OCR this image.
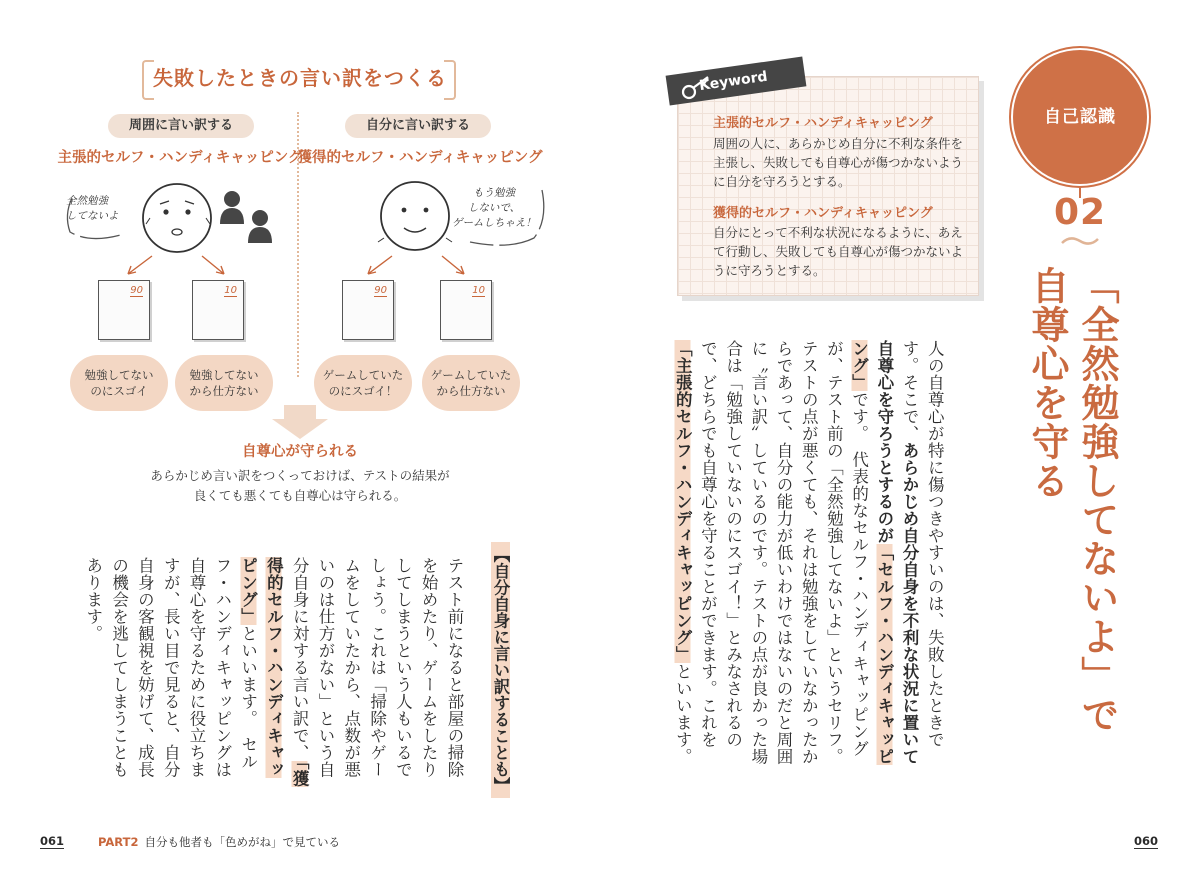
失敗したときの言い訳をつくる
周囲に言い訳する	自分に言い訳する
主張的セルフ・ハンディキャッピング
獲得的セルフ・ハンディキャッピング
全然勉強
してないよ
もう勉強
しないで、
ゲームしちゃえ！
90	10	90	10
勉強してない
のにスゴイ
勉強してない
から仕方ない
ゲームしていた
のにスゴイ！
ゲームしていた
から仕方ない
自尊心が守られる
あらかじめ言い訳をつくっておけば、テストの結果が
良くても悪くても自尊心は守られる。
【自分自身に言い訳することも】
テスト前になると部屋の掃除を始めたり、ゲームをしたりしてしまうという人もいるでしょう。これは「掃除やゲームをしていたから、点数が悪いのは仕方がない」という自分自身に対する言い訳で、「獲得的セルフ・ハンディキャッピング」といいます。　セルフ・ハンディキャッピングは自尊心を守るために役立ちますが、長い目で見ると、自分自身の客観視を妨げて、成長の機会を逃してしまうこともあります。
061	PART2 自分も他者も「色めがね」で見ている
Keyword
主張的セルフ・ハンディキャッピング
周囲の人に、あらかじめ自分に不利な条件を主張し、失敗しても自尊心が傷つかないように自分を守ろうとする。
獲得的セルフ・ハンディキャッピング
自分にとって不利な状況になるように、あえて行動し、失敗しても自尊心が傷つかないように守ろうとする。
自己認識
02
「全然勉強してないよ」で
自尊心を守る
人の自尊心が特に傷つきやすいのは、失敗したときです。そこで、あらかじめ自分自身を不利な状況に置いて自尊心を守ろうとするのが「セルフ・ハンディキャッピング」です。　代表的なセルフ・ハンディキャッピングが、テスト前の「全然勉強してないよ」というセリフ。テストの点が悪くても、それは勉強をしていなかったからであって、自分の能力が低いわけではないのだと周囲に〝言い訳〟しているのです。テストの点が良かった場合は「勉強していないのにスゴイ！」とみなされるので、どちらでも自尊心を守ることができます。これを「主張的セルフ・ハンディキャッピング」といいます。
060
